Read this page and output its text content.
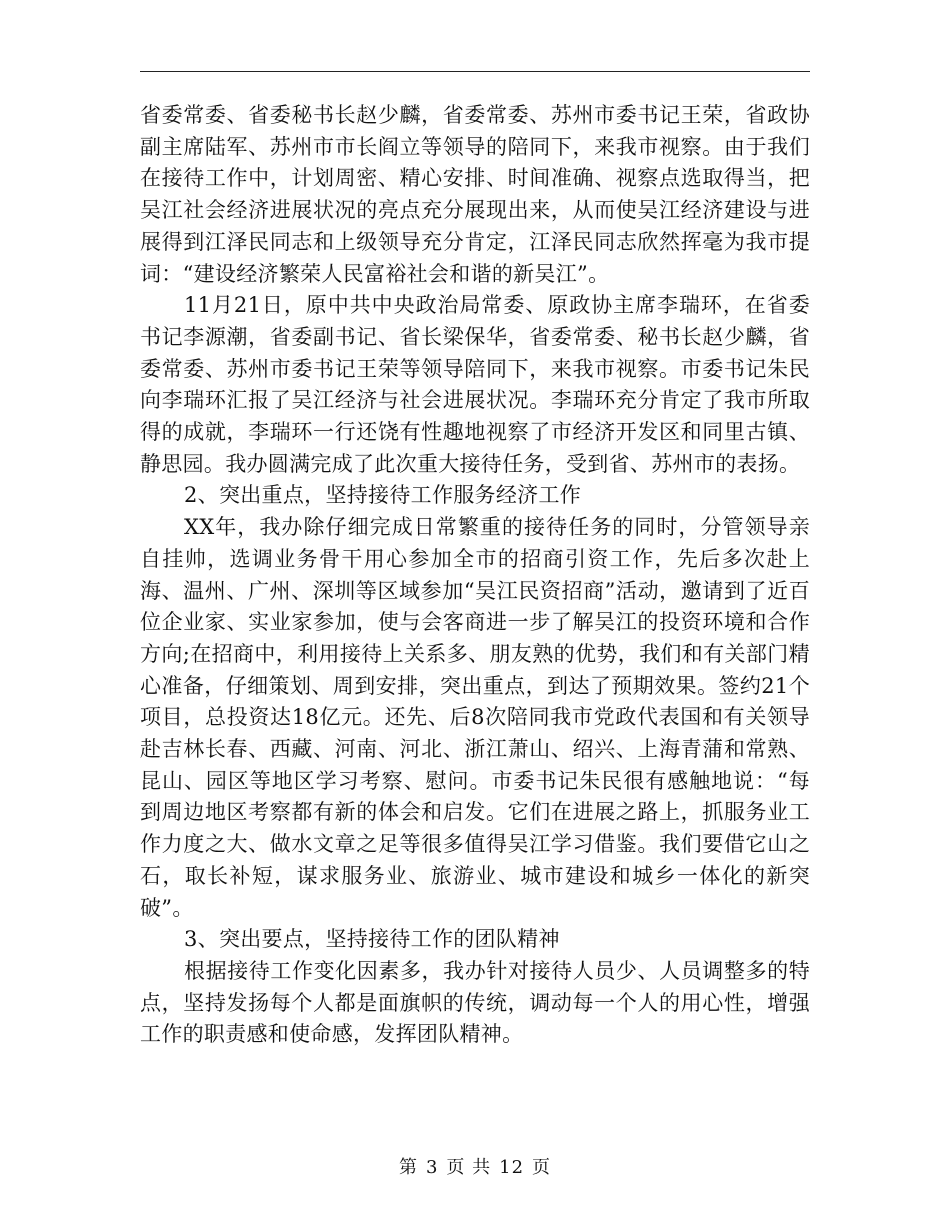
省委常委、省委秘书长赵少麟，省委常委、苏州市委书记王荣，省政协副主席陆军、苏州市市长阎立等领导的陪同下，来我市视察。由于我们在接待工作中，计划周密、精心安排、时间准确、视察点选取得当，把吴江社会经济进展状况的亮点充分展现出来，从而使吴江经济建设与进展得到江泽民同志和上级领导充分肯定，江泽民同志欣然挥毫为我市提词：“建设经济繁荣人民富裕社会和谐的新吴江”。

11月21日，原中共中央政治局常委、原政协主席李瑞环，在省委书记李源潮，省委副书记、省长梁保华，省委常委、秘书长赵少麟，省委常委、苏州市委书记王荣等领导陪同下，来我市视察。市委书记朱民向李瑞环汇报了吴江经济与社会进展状况。李瑞环充分肯定了我市所取得的成就，李瑞环一行还饶有性趣地视察了市经济开发区和同里古镇、静思园。我办圆满完成了此次重大接待任务，受到省、苏州市的表扬。

2、突出重点，坚持接待工作服务经济工作

XX年，我办除仔细完成日常繁重的接待任务的同时，分管领导亲自挂帅，选调业务骨干用心参加全市的招商引资工作，先后多次赴上海、温州、广州、深圳等区域参加“吴江民资招商”活动，邀请到了近百位企业家、实业家参加，使与会客商进一步了解吴江的投资环境和合作方向;在招商中，利用接待上关系多、朋友熟的优势，我们和有关部门精心准备，仔细策划、周到安排，突出重点，到达了预期效果。签约21个项目，总投资达18亿元。还先、后8次陪同我市党政代表国和有关领导赴吉林长春、西藏、河南、河北、浙江萧山、绍兴、上海青蒲和常熟、昆山、园区等地区学习考察、慰问。市委书记朱民很有感触地说：“每到周边地区考察都有新的体会和启发。它们在进展之路上，抓服务业工作力度之大、做水文章之足等很多值得吴江学习借鉴。我们要借它山之石，取长补短，谋求服务业、旅游业、城市建设和城乡一体化的新突破”。

3、突出要点，坚持接待工作的团队精神

根据接待工作变化因素多，我办针对接待人员少、人员调整多的特点，坚持发扬每个人都是面旗帜的传统，调动每一个人的用心性，增强工作的职责感和使命感，发挥团队精神。

第 3 页 共 12 页
